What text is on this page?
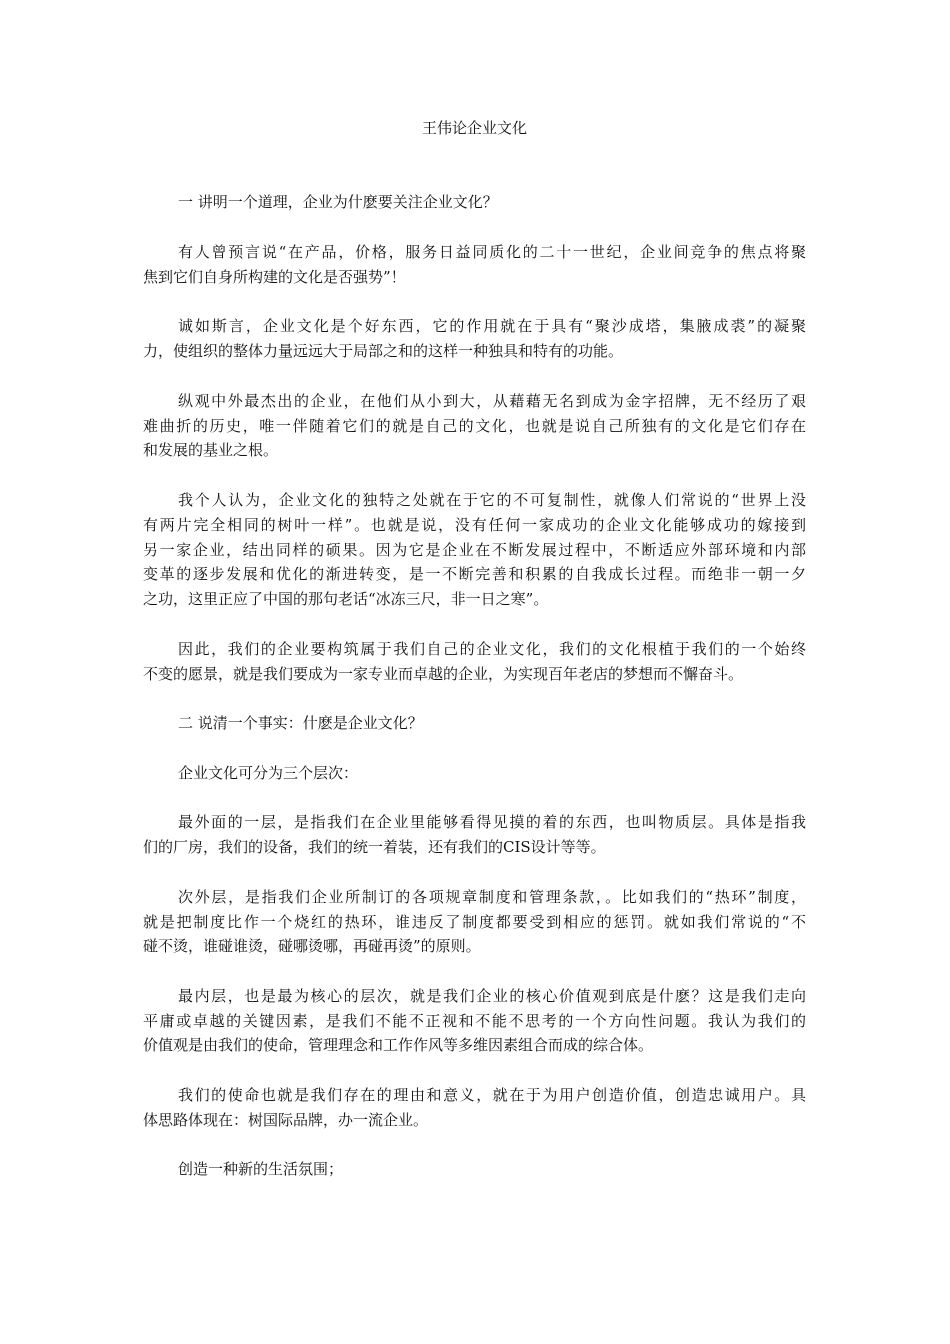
王伟论企业文化
一 讲明一个道理，企业为什麽要关注企业文化？
有人曾预言说“在产品，价格，服务日益同质化的二十一世纪，企业间竞争的焦点将聚
焦到它们自身所构建的文化是否强势”！
诚如斯言，企业文化是个好东西，它的作用就在于具有“聚沙成塔，集腋成裘”的凝聚
力，使组织的整体力量远远大于局部之和的这样一种独具和特有的功能。
纵观中外最杰出的企业，在他们从小到大，从藉藉无名到成为金字招牌，无不经历了艰
难曲折的历史，唯一伴随着它们的就是自己的文化，也就是说自己所独有的文化是它们存在
和发展的基业之根。
我个人认为，企业文化的独特之处就在于它的不可复制性，就像人们常说的“世界上没
有两片完全相同的树叶一样”。也就是说，没有任何一家成功的企业文化能够成功的嫁接到
另一家企业，结出同样的硕果。因为它是企业在不断发展过程中，不断适应外部环境和内部
变革的逐步发展和优化的渐进转变，是一不断完善和积累的自我成长过程。而绝非一朝一夕
之功，这里正应了中国的那句老话“冰冻三尺，非一日之寒”。
因此，我们的企业要构筑属于我们自己的企业文化，我们的文化根植于我们的一个始终
不变的愿景，就是我们要成为一家专业而卓越的企业，为实现百年老店的梦想而不懈奋斗。
二 说清一个事实：什麽是企业文化？
企业文化可分为三个层次：
最外面的一层，是指我们在企业里能够看得见摸的着的东西，也叫物质层。具体是指我
们的厂房，我们的设备，我们的统一着装，还有我们的CIS设计等等。
次外层，是指我们企业所制订的各项规章制度和管理条款，。比如我们的“热环”制度，
就是把制度比作一个烧红的热环，谁违反了制度都要受到相应的惩罚。就如我们常说的“不
碰不烫，谁碰谁烫，碰哪烫哪，再碰再烫”的原则。
最内层，也是最为核心的层次，就是我们企业的核心价值观到底是什麽？这是我们走向
平庸或卓越的关键因素，是我们不能不正视和不能不思考的一个方向性问题。我认为我们的
价值观是由我们的使命，管理理念和工作作风等多维因素组合而成的综合体。
我们的使命也就是我们存在的理由和意义，就在于为用户创造价值，创造忠诚用户。具
体思路体现在：树国际品牌，办一流企业。
创造一种新的生活氛围；
